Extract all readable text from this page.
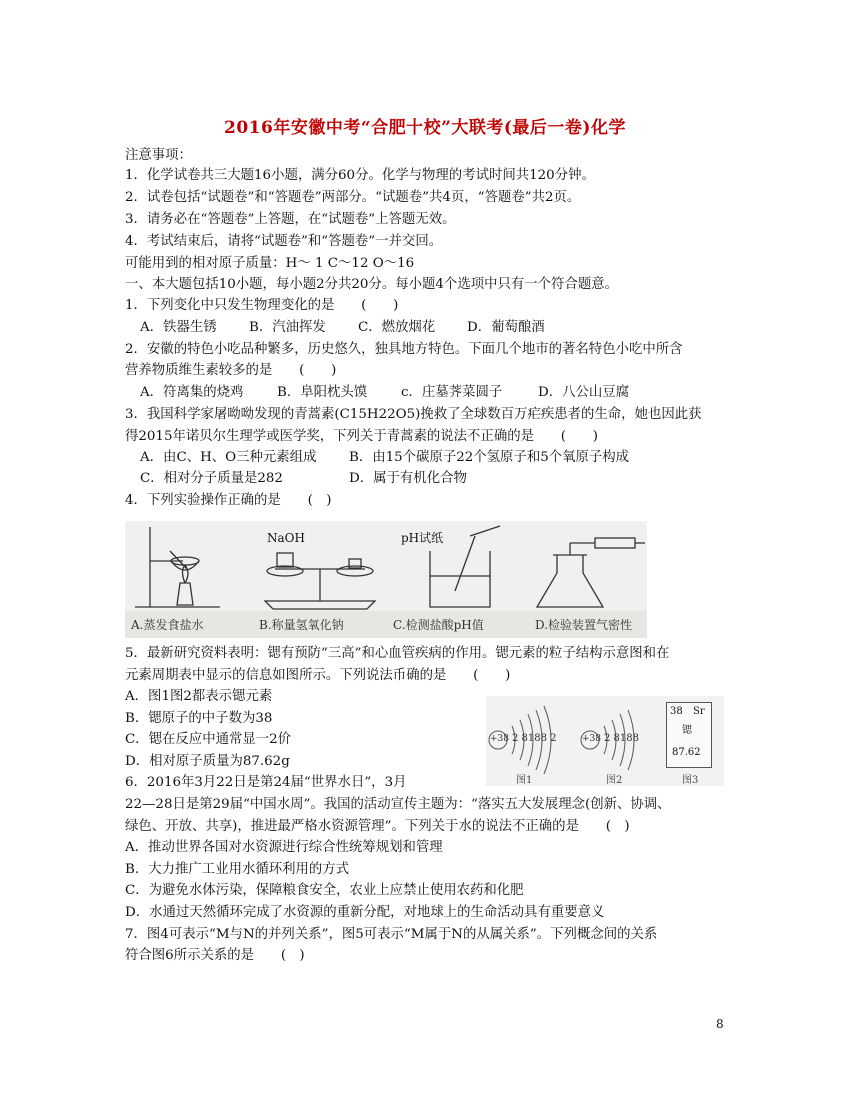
2016年安徽中考“合肥十校”大联考(最后一卷)化学
注意事项：
1．化学试卷共三大题16小题，满分60分。化学与物理的考试时间共120分钟。
2．试卷包括“试题卷”和“答题卷”两部分。“试题卷”共4页，“答题卷”共2页。
3．请务必在“答题卷”上答题，在“试题卷”上答题无效。
4．考试结束后，请将“试题卷”和“答题卷”一并交回。
可能用到的相对原子质量：H～ 1 C～12 O～16
一、本大题包括10小题，每小题2分共20分。每小题4个选项中只有一个符合题意。
1．下列变化中只发生物理变化的是　　(　　)
A．铁器生锈 B．汽油挥发 C．燃放烟花 D．葡萄酿酒
2．安徽的特色小吃品种繁多，历史悠久，独具地方特色。下面几个地市的著名特色小吃中所含
营养物质维生素较多的是　　(　　)
A．符离集的烧鸡	B．阜阳枕头馍	c．庄墓荠菜圆子	D．八公山豆腐
3．我国科学家屠呦呦发现的青蒿素(C15H22O5)挽救了全球数百万疟疾患者的生命，她也因此获
得2015年诺贝尔生理学或医学奖，下列关于青蒿素的说法不正确的是　　(　　)
A．由C、H、O三种元素组成 B．由15个碳原子22个氢原子和5个氧原子构成
C．相对分子质量是282	D．属于有机化合物
4．下列实验操作正确的是　　(　)
NaOH	pH试纸
A.蒸发食盐水	B.称量氢氧化钠	C.检测盐酸pH值	D.检验装置气密性
5．最新研究资料表明：锶有预防“三高”和心血管疾病的作用。锶元素的粒子结构示意图和在
元素周期表中显示的信息如图所示。下列说法币确的是　　(　　)
A．图1图2都表示锶元素
B．锶原子的中子数为38
C．锶在反应中通常显一2价
D．相对原子质量为87.62g
+38 2 8188 2	+38 2 8188
38 Sr
锶
87.62
图1	图2	图3
6．2016年3月22日是第24届“世界水日”，3月
22—28日是第29届“中国水周”。我国的活动宣传主题为：“落实五大发展理念(创新、协调、
绿色、开放、共享)，推进最严格水资源管理”。下列关于水的说法不正确的是　　(　)
A．推动世界各国对水资源进行综合性统筹规划和管理
B．大力推广工业用水循环利用的方式
C．为避免水体污染，保障粮食安全，农业上应禁止使用农药和化肥
D．水通过天然循环完成了水资源的重新分配，对地球上的生命活动具有重要意义
7．图4可表示“M与N的并列关系”，图5可表示“M属于N的从属关系”。下列概念间的关系
符合图6所示关系的是　　(　)
8
